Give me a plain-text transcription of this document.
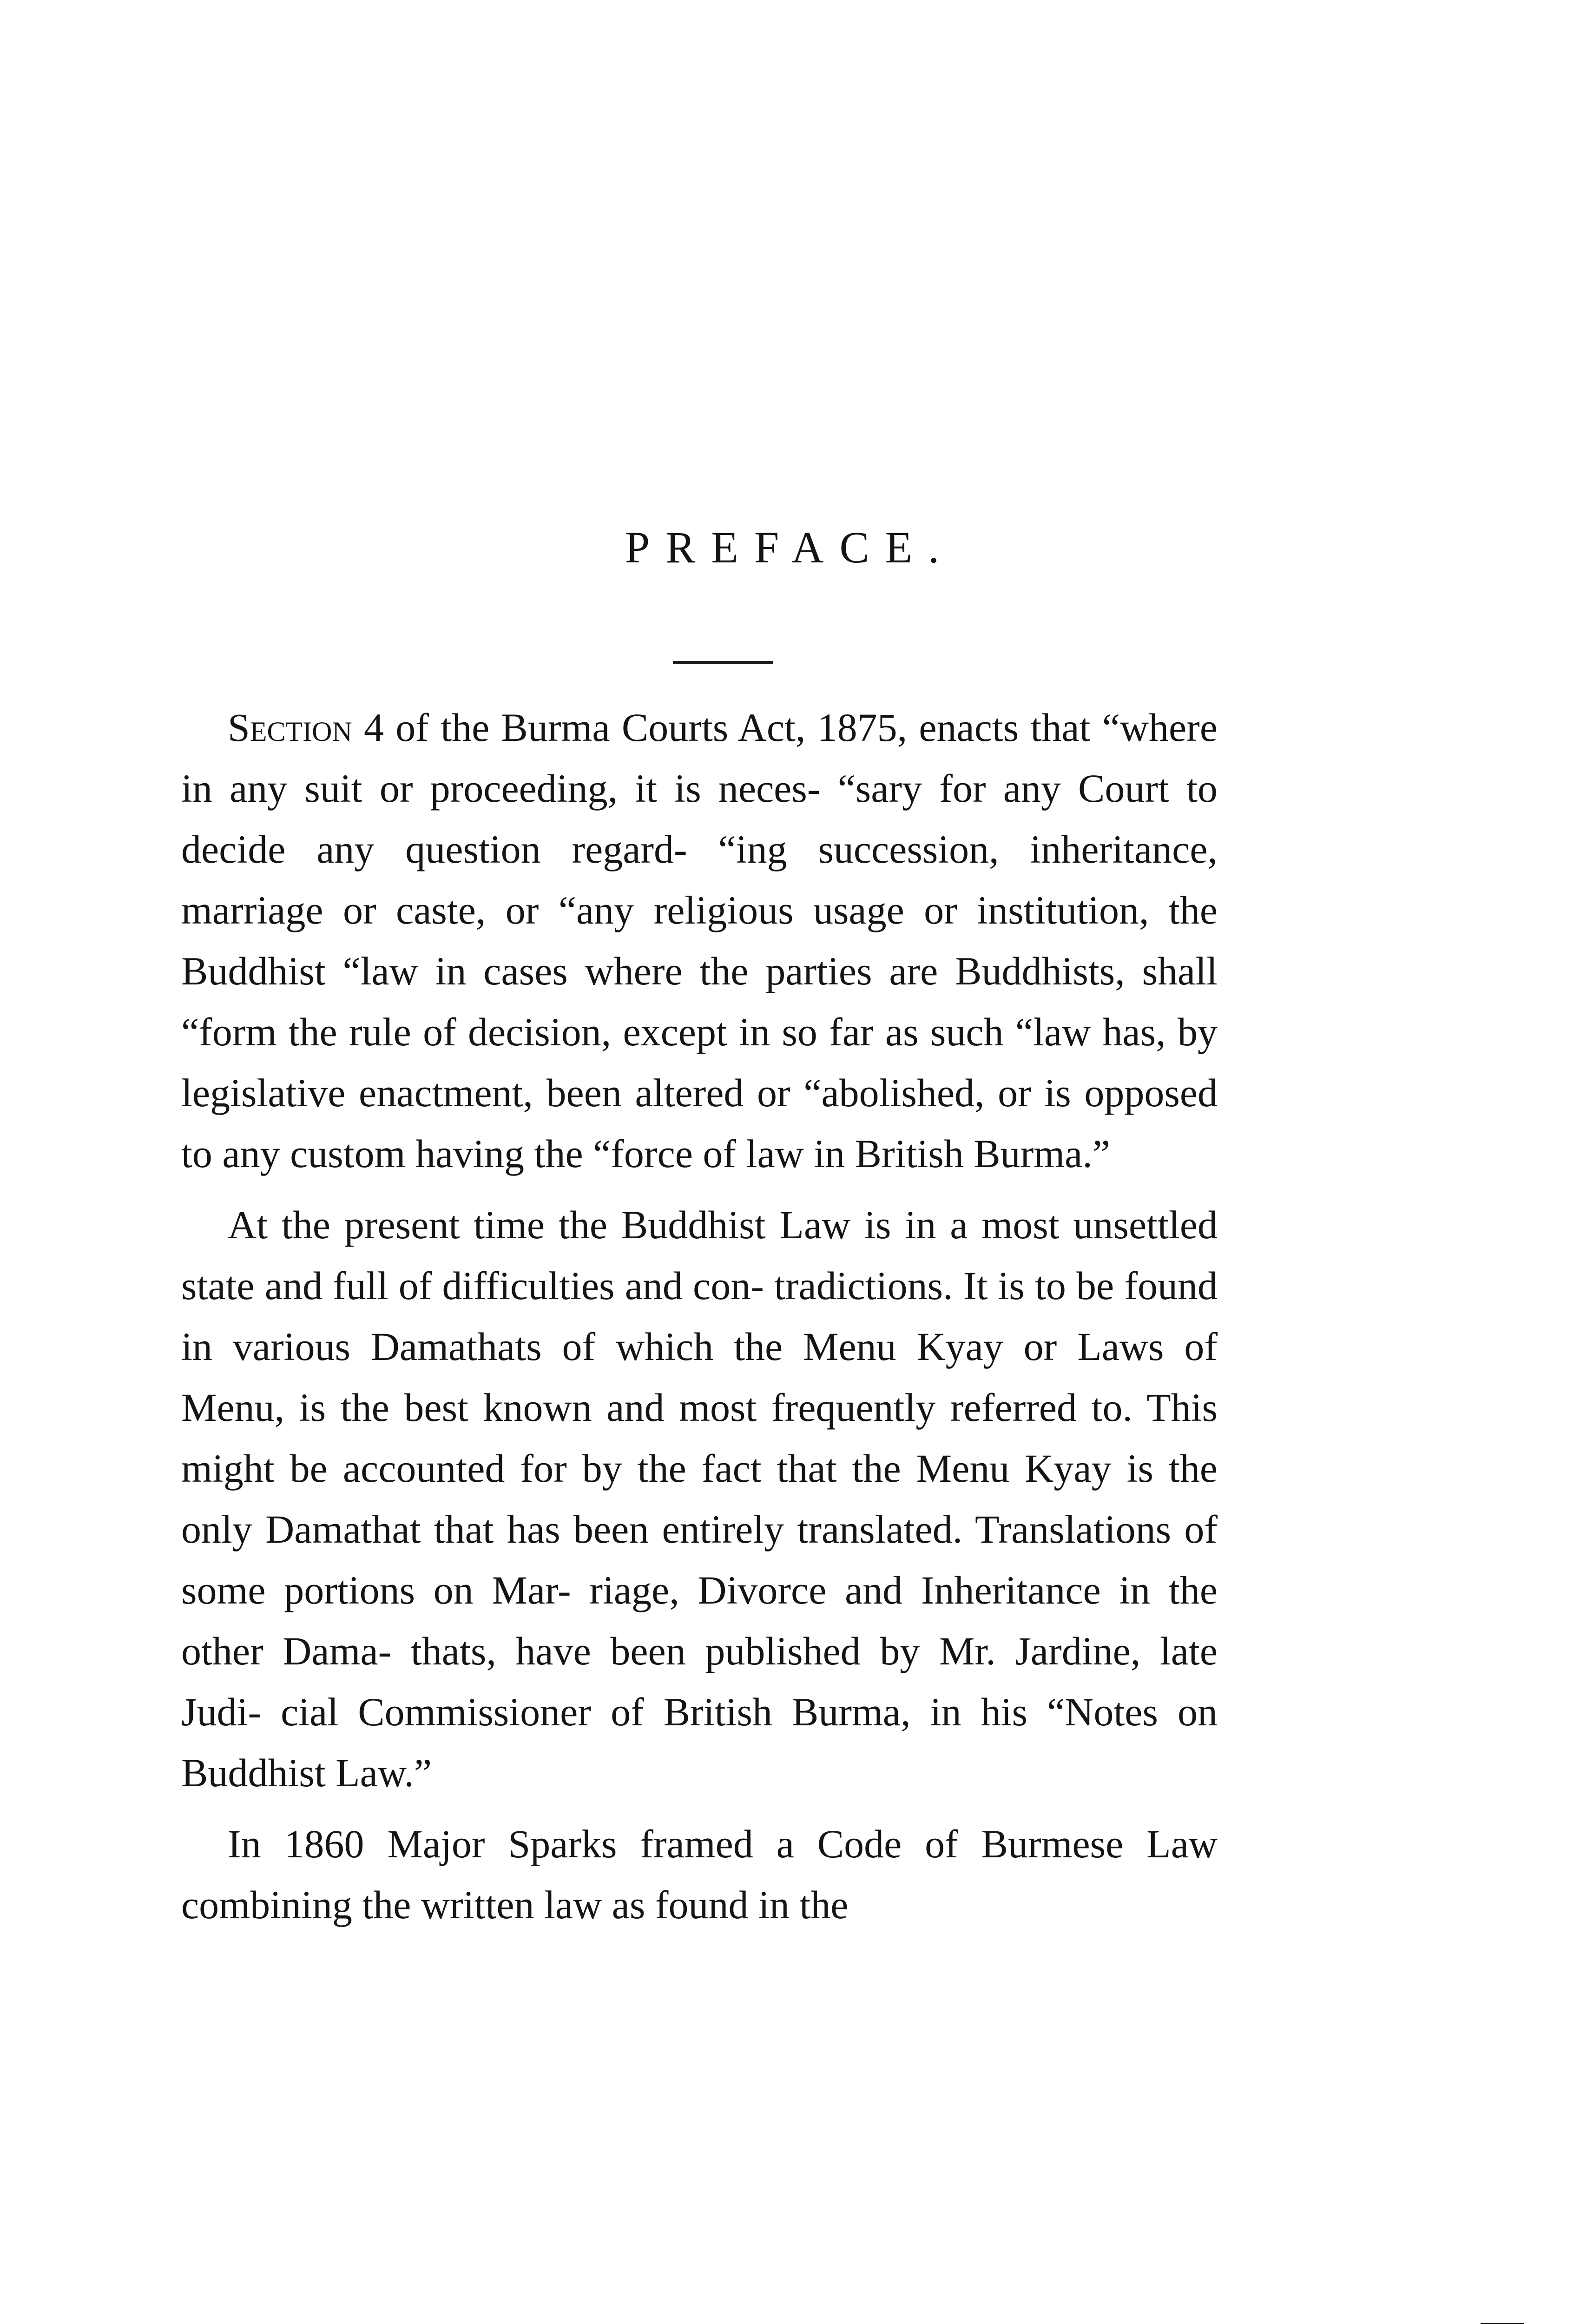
PREFACE.

Section 4 of the Burma Courts Act, 1875, enacts that “where in any suit or proceeding, it is neces- “sary for any Court to decide any question regard- “ing succession, inheritance, marriage or caste, or “any religious usage or institution, the Buddhist “law in cases where the parties are Buddhists, shall “form the rule of decision, except in so far as such “law has, by legislative enactment, been altered or “abolished, or is opposed to any custom having the “force of law in British Burma.”

At the present time the Buddhist Law is in a most unsettled state and full of difficulties and con- tradictions. It is to be found in various Damathats of which the Menu Kyay or Laws of Menu, is the best known and most frequently referred to. This might be accounted for by the fact that the Menu Kyay is the only Damathat that has been entirely translated. Translations of some portions on Mar- riage, Divorce and Inheritance in the other Dama- thats, have been published by Mr. Jardine, late Judi- cial Commissioner of British Burma, in his “Notes on Buddhist Law.”

In 1860 Major Sparks framed a Code of Burmese Law combining the written law as found in the
